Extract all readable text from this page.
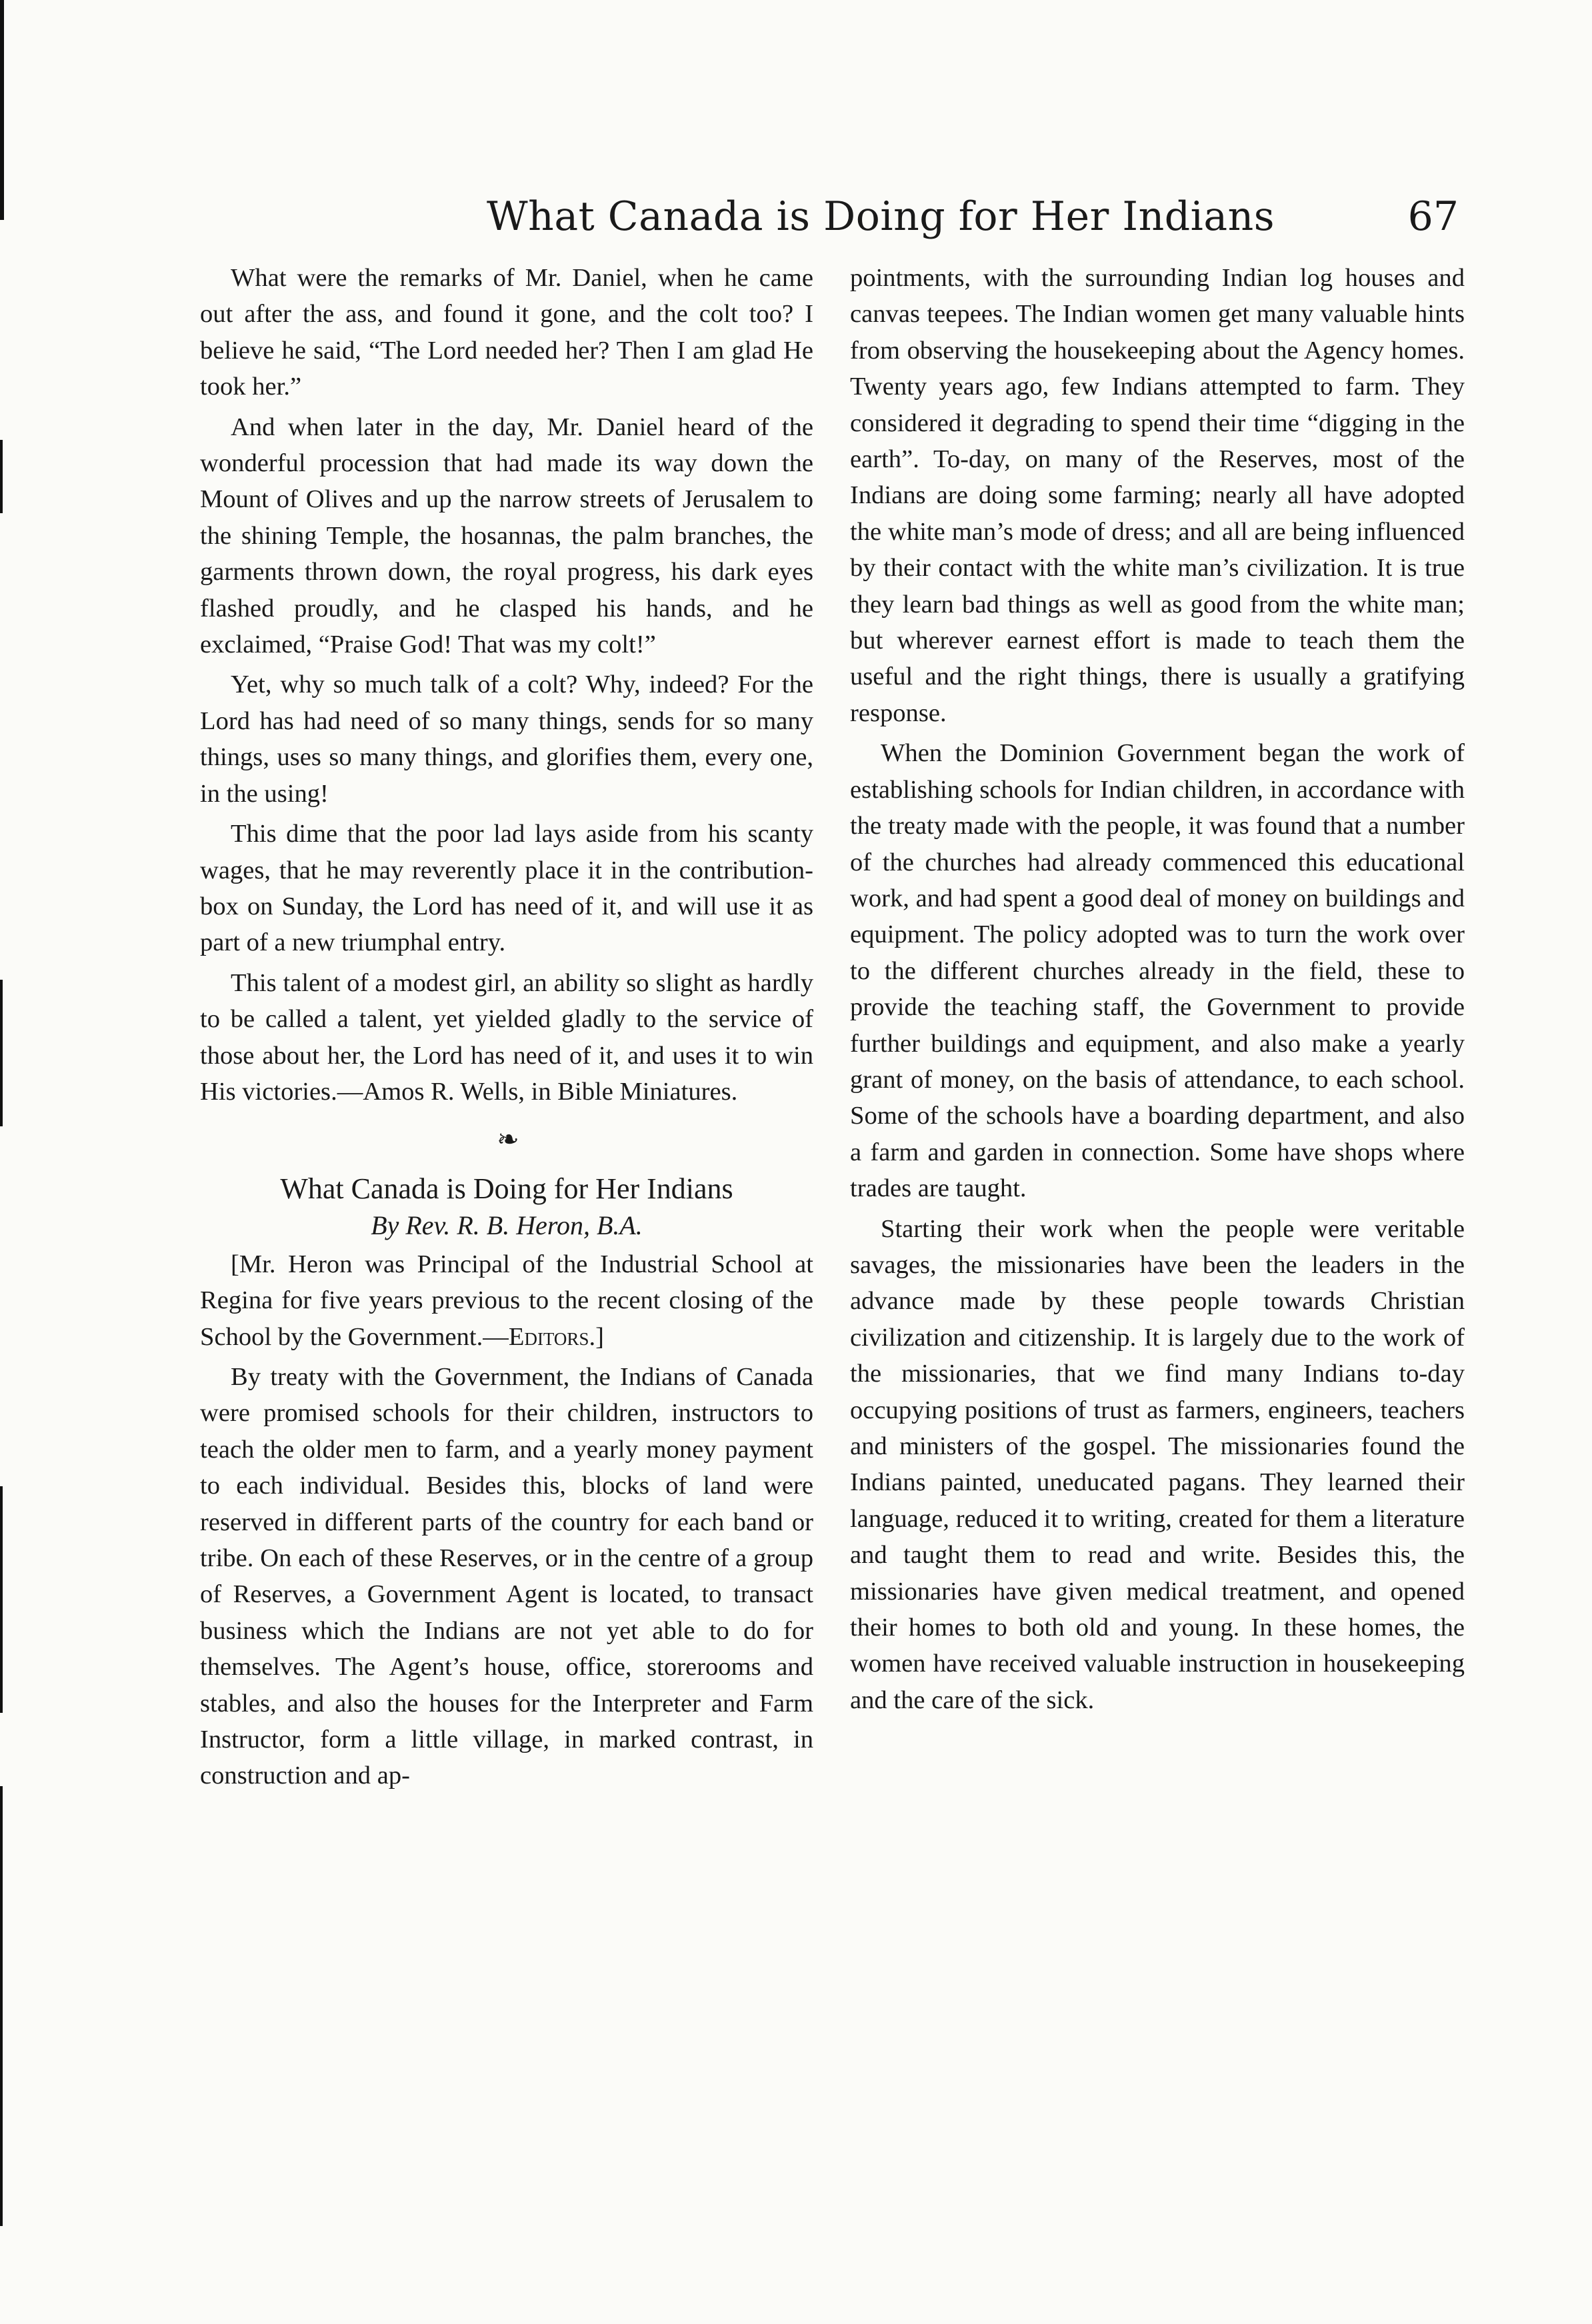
What Canada is Doing for Her Indians	67

What were the remarks of Mr. Daniel, when he came out after the ass, and found it gone, and the colt too? I believe he said, “The Lord needed her? Then I am glad He took her.”

And when later in the day, Mr. Daniel heard of the wonderful procession that had made its way down the Mount of Olives and up the narrow streets of Jerusalem to the shining Temple, the hosannas, the palm branches, the garments thrown down, the royal progress, his dark eyes flashed proudly, and he clasped his hands, and he exclaimed, “Praise God! That was my colt!”

Yet, why so much talk of a colt? Why, indeed? For the Lord has had need of so many things, sends for so many things, uses so many things, and glorifies them, every one, in the using!

This dime that the poor lad lays aside from his scanty wages, that he may reverently place it in the contribution-box on Sunday, the Lord has need of it, and will use it as part of a new triumphal entry.

This talent of a modest girl, an ability so slight as hardly to be called a talent, yet yielded gladly to the service of those about her, the Lord has need of it, and uses it to win His victories.—Amos R. Wells, in Bible Miniatures.

❧
What Canada is Doing for Her Indians
By Rev. R. B. Heron, B.A.

[Mr. Heron was Principal of the Industrial School at Regina for five years previous to the recent closing of the School by the Government.—Editors.]

By treaty with the Government, the Indians of Canada were promised schools for their children, instructors to teach the older men to farm, and a yearly money payment to each individual. Besides this, blocks of land were reserved in different parts of the country for each band or tribe. On each of these Reserves, or in the centre of a group of Reserves, a Government Agent is located, to transact business which the Indians are not yet able to do for themselves. The Agent’s house, office, storerooms and stables, and also the houses for the Interpreter and Farm Instructor, form a little village, in marked contrast, in construction and ap-

pointments, with the surrounding Indian log houses and canvas teepees. The Indian women get many valuable hints from observing the housekeeping about the Agency homes. Twenty years ago, few Indians attempted to farm. They considered it degrading to spend their time “digging in the earth”. To-day, on many of the Reserves, most of the Indians are doing some farming; nearly all have adopted the white man’s mode of dress; and all are being influenced by their contact with the white man’s civilization. It is true they learn bad things as well as good from the white man; but wherever earnest effort is made to teach them the useful and the right things, there is usually a gratifying response.

When the Dominion Government began the work of establishing schools for Indian children, in accordance with the treaty made with the people, it was found that a number of the churches had already commenced this educational work, and had spent a good deal of money on buildings and equipment. The policy adopted was to turn the work over to the different churches already in the field, these to provide the teaching staff, the Government to provide further buildings and equipment, and also make a yearly grant of money, on the basis of attendance, to each school. Some of the schools have a boarding department, and also a farm and garden in connection. Some have shops where trades are taught.

Starting their work when the people were veritable savages, the missionaries have been the leaders in the advance made by these people towards Christian civilization and citizenship. It is largely due to the work of the missionaries, that we find many Indians to-day occupying positions of trust as farmers, engineers, teachers and ministers of the gospel. The missionaries found the Indians painted, uneducated pagans. They learned their language, reduced it to writing, created for them a literature and taught them to read and write. Besides this, the missionaries have given medical treatment, and opened their homes to both old and young. In these homes, the women have received valuable instruction in housekeeping and the care of the sick.
